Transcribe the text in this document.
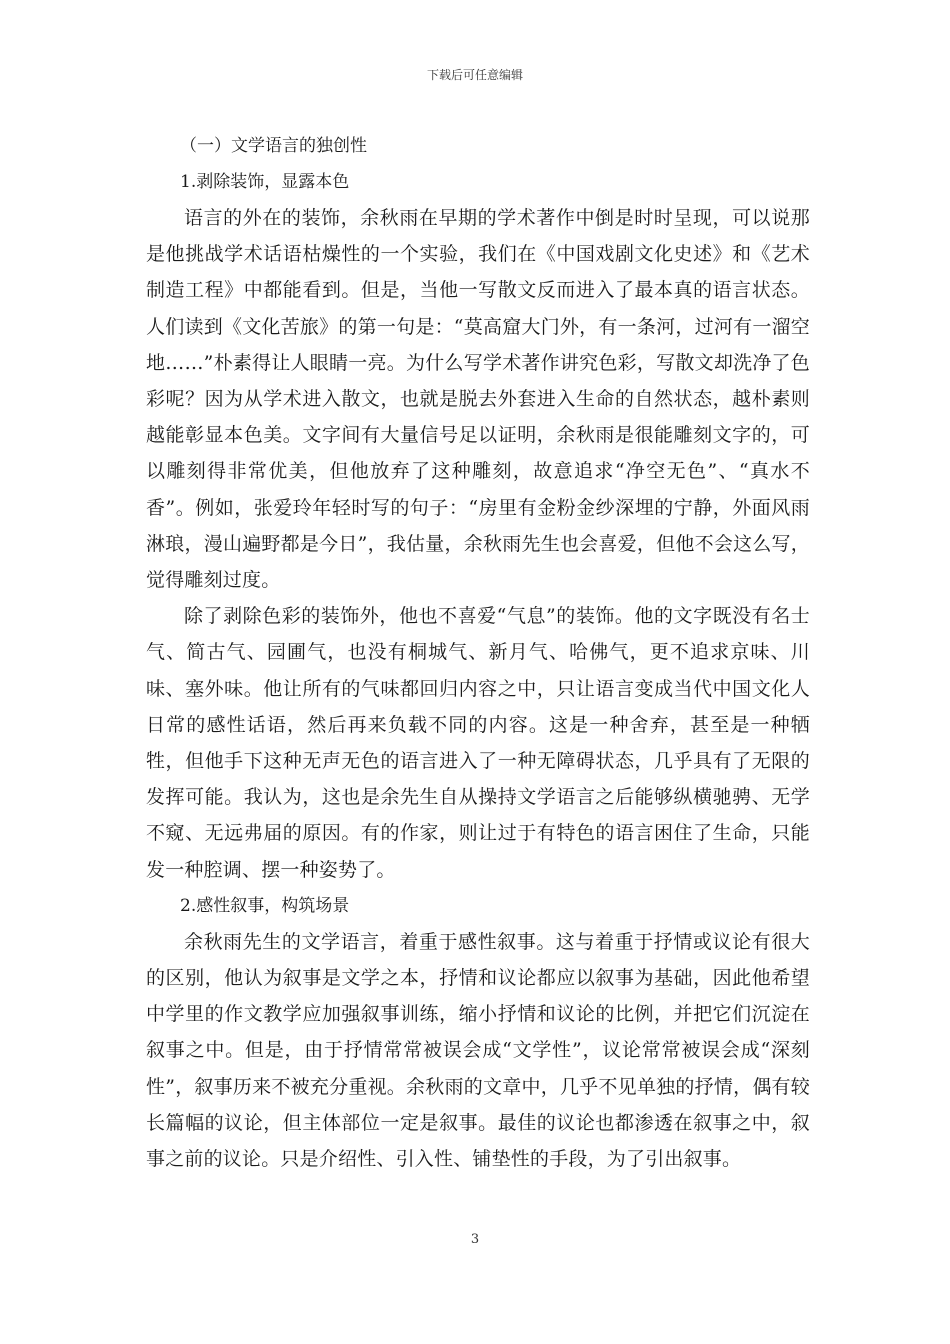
下载后可任意编辑
（一）文学语言的独创性
1.剥除装饰，显露本色

语言的外在的装饰，余秋雨在早期的学术著作中倒是时时呈现，可以说那是他挑战学术话语枯燥性的一个实验，我们在《中国戏剧文化史述》和《艺术制造工程》中都能看到。但是，当他一写散文反而进入了最本真的语言状态。人们读到《文化苦旅》的第一句是：“莫高窟大门外，有一条河，过河有一溜空地……”朴素得让人眼睛一亮。为什么写学术著作讲究色彩，写散文却洗净了色彩呢？因为从学术进入散文，也就是脱去外套进入生命的自然状态，越朴素则越能彰显本色美。文字间有大量信号足以证明，余秋雨是很能雕刻文字的，可以雕刻得非常优美，但他放弃了这种雕刻，故意追求“净空无色”、“真水不香”。例如，张爱玲年轻时写的句子：“房里有金粉金纱深埋的宁静，外面风雨淋琅，漫山遍野都是今日”，我估量，余秋雨先生也会喜爱，但他不会这么写，觉得雕刻过度。

除了剥除色彩的装饰外，他也不喜爱“气息”的装饰。他的文字既没有名士气、简古气、园圃气，也没有桐城气、新月气、哈佛气，更不追求京味、川味、塞外味。他让所有的气味都回归内容之中，只让语言变成当代中国文化人日常的感性话语，然后再来负载不同的内容。这是一种舍弃，甚至是一种牺牲，但他手下这种无声无色的语言进入了一种无障碍状态，几乎具有了无限的发挥可能。我认为，这也是余先生自从操持文学语言之后能够纵横驰骋、无学不窥、无远弗届的原因。有的作家，则让过于有特色的语言困住了生命，只能发一种腔调、摆一种姿势了。

2.感性叙事，构筑场景

余秋雨先生的文学语言，着重于感性叙事。这与着重于抒情或议论有很大的区别，他认为叙事是文学之本，抒情和议论都应以叙事为基础，因此他希望中学里的作文教学应加强叙事训练，缩小抒情和议论的比例，并把它们沉淀在叙事之中。但是，由于抒情常常被误会成“文学性”，议论常常被误会成“深刻性”，叙事历来不被充分重视。余秋雨的文章中，几乎不见单独的抒情，偶有较长篇幅的议论，但主体部位一定是叙事。最佳的议论也都渗透在叙事之中，叙事之前的议论。只是介绍性、引入性、铺垫性的手段，为了引出叙事。

3
